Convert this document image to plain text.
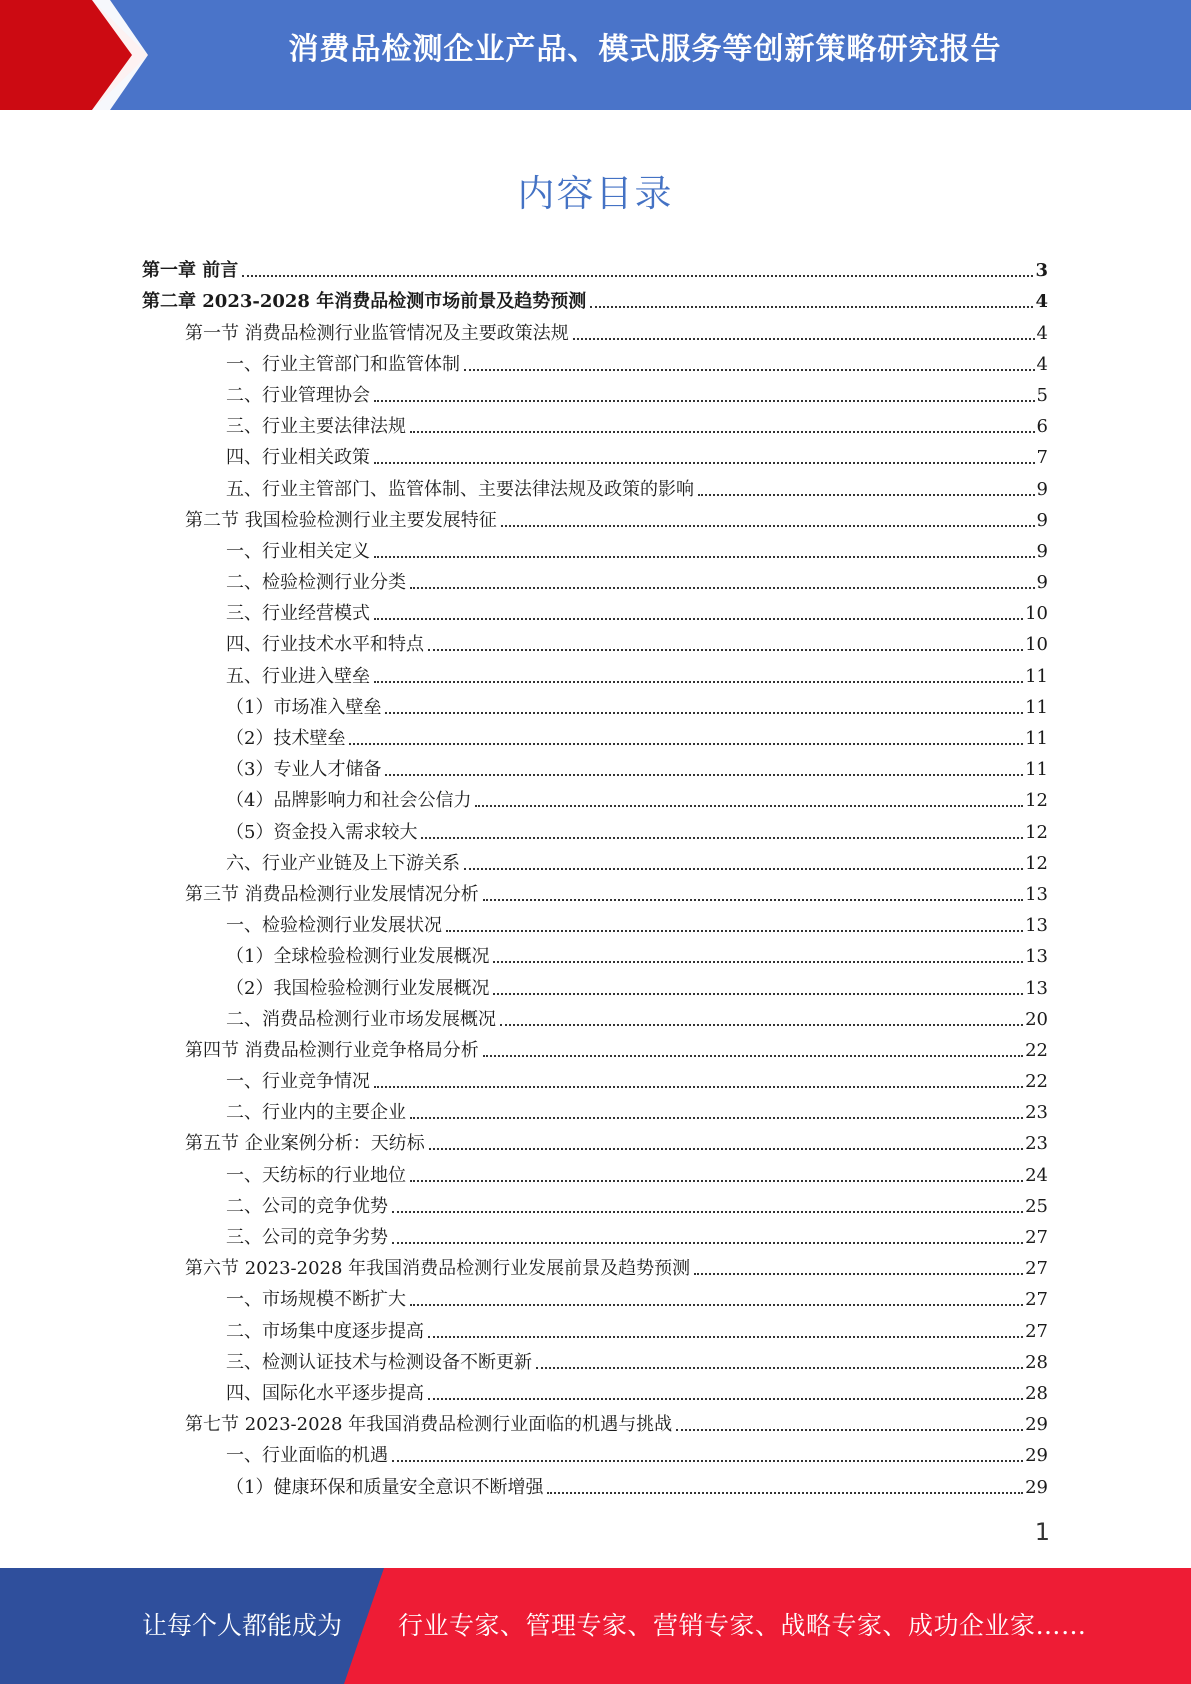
消费品检测企业产品、模式服务等创新策略研究报告
内容目录
第一章 前言	3
第二章 2023-2028 年消费品检测市场前景及趋势预测	4
第一节 消费品检测行业监管情况及主要政策法规	4
一、行业主管部门和监管体制	4
二、行业管理协会	5
三、行业主要法律法规	6
四、行业相关政策	7
五、行业主管部门、监管体制、主要法律法规及政策的影响	9
第二节 我国检验检测行业主要发展特征	9
一、行业相关定义	9
二、检验检测行业分类	9
三、行业经营模式	10
四、行业技术水平和特点	10
五、行业进入壁垒	11
（1）市场准入壁垒	11
（2）技术壁垒	11
（3）专业人才储备	11
（4）品牌影响力和社会公信力	12
（5）资金投入需求较大	12
六、行业产业链及上下游关系	12
第三节 消费品检测行业发展情况分析	13
一、检验检测行业发展状况	13
（1）全球检验检测行业发展概况	13
（2）我国检验检测行业发展概况	13
二、消费品检测行业市场发展概况	20
第四节 消费品检测行业竞争格局分析	22
一、行业竞争情况	22
二、行业内的主要企业	23
第五节 企业案例分析：天纺标	23
一、天纺标的行业地位	24
二、公司的竞争优势	25
三、公司的竞争劣势	27
第六节 2023-2028 年我国消费品检测行业发展前景及趋势预测	27
一、市场规模不断扩大	27
二、市场集中度逐步提高	27
三、检测认证技术与检测设备不断更新	28
四、国际化水平逐步提高	28
第七节 2023-2028 年我国消费品检测行业面临的机遇与挑战	29
一、行业面临的机遇	29
（1）健康环保和质量安全意识不断增强	29
1
让每个人都能成为 行业专家、管理专家、营销专家、战略专家、成功企业家……
